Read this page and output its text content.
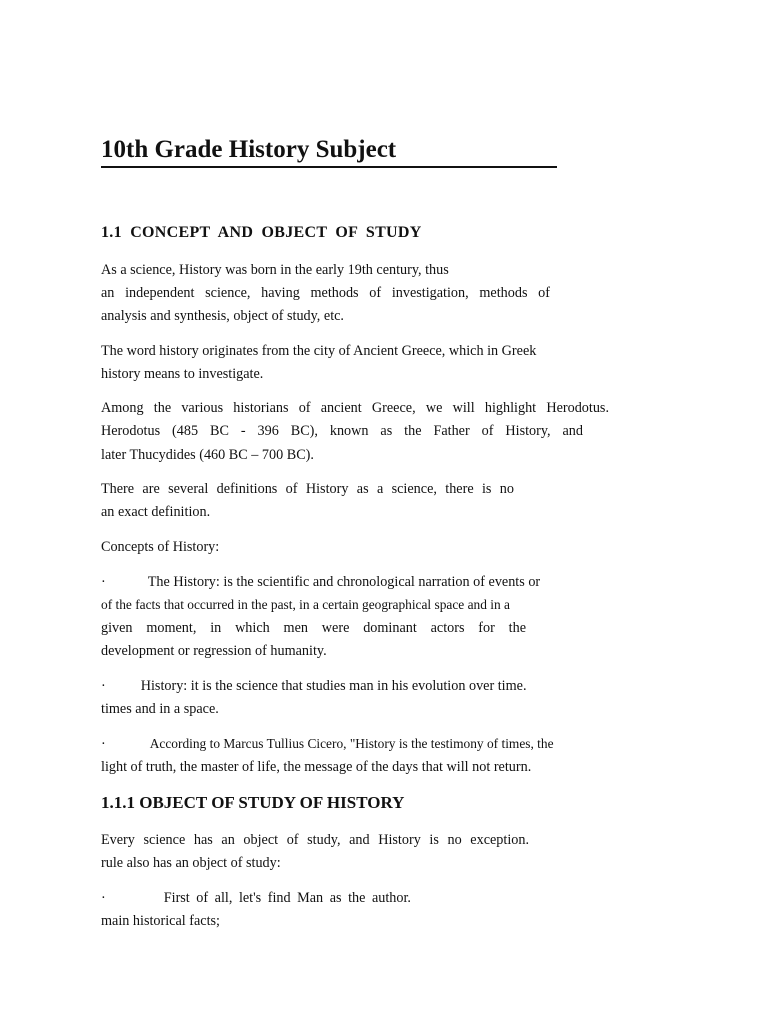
10th Grade History Subject
1.1 CONCEPT AND OBJECT OF STUDY
As a science, History was born in the early 19th century, thus
an independent science, having methods of investigation, methods of
analysis and synthesis, object of study, etc.
The word history originates from the city of Ancient Greece, which in Greek
history means to investigate.
Among the various historians of ancient Greece, we will highlight Herodotus.
Herodotus (485 BC - 396 BC), known as the Father of History, and
later Thucydides (460 BC – 700 BC).
There are several definitions of History as a science, there is no
an exact definition.
Concepts of History:
·	The History: is the scientific and chronological narration of events or
of the facts that occurred in the past, in a certain geographical space and in a
given moment, in which men were dominant actors for the
development or regression of humanity.
· History: it is the science that studies man in his evolution over time.
times and in a space.
·	According to Marcus Tullius Cicero, "History is the testimony of times, the
light of truth, the master of life, the message of the days that will not return.
1.1.1 OBJECT OF STUDY OF HISTORY
Every science has an object of study, and History is no exception.
rule also has an object of study:
·	First of all, let's find Man as the author.
main historical facts;
